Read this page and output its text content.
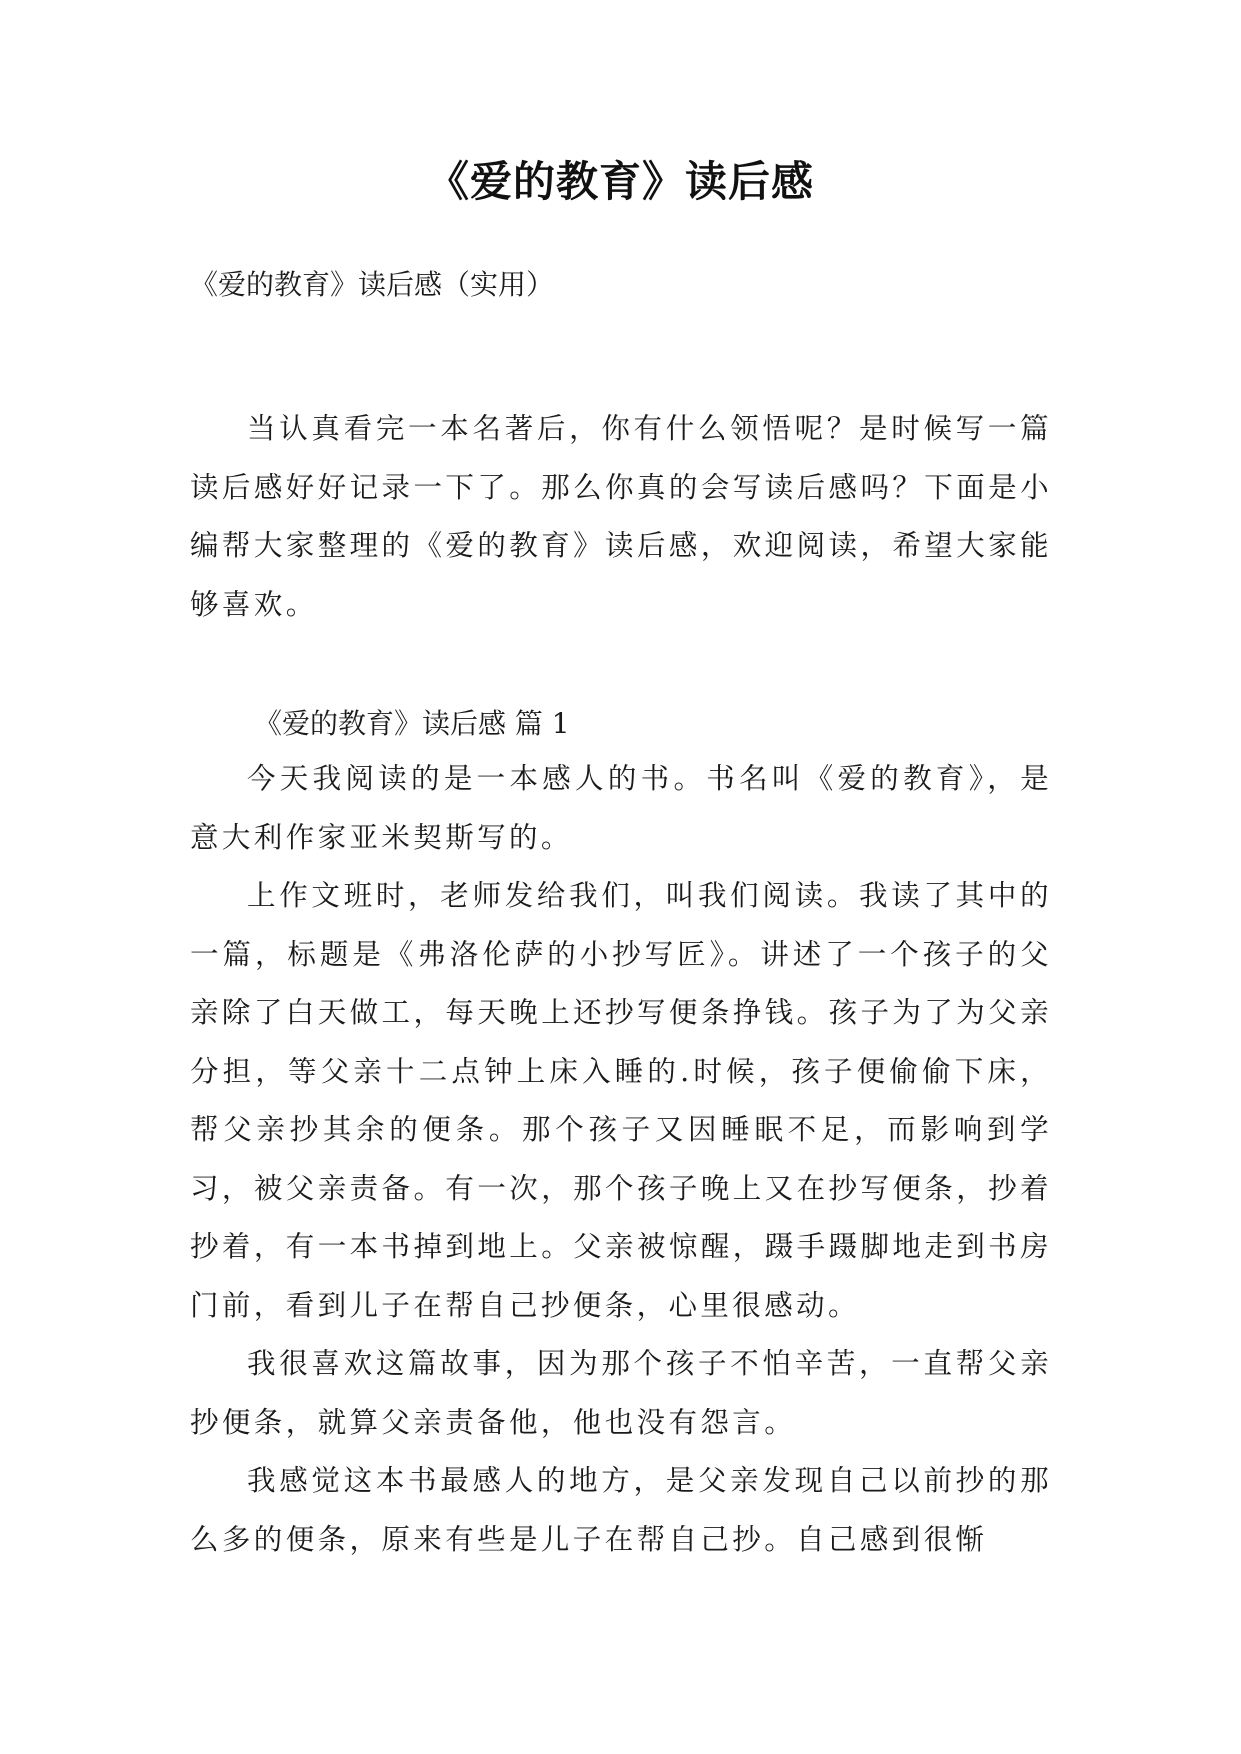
《爱的教育》读后感
《爱的教育》读后感（实用）

当认真看完一本名著后，你有什么领悟呢？是时候写一篇读后感好好记录一下了。那么你真的会写读后感吗？下面是小编帮大家整理的《爱的教育》读后感，欢迎阅读，希望大家能够喜欢。

《爱的教育》读后感 篇 1

今天我阅读的是一本感人的书。书名叫《爱的教育》，是意大利作家亚米契斯写的。

上作文班时，老师发给我们，叫我们阅读。我读了其中的一篇，标题是《弗洛伦萨的小抄写匠》。讲述了一个孩子的父亲除了白天做工，每天晚上还抄写便条挣钱。孩子为了为父亲分担，等父亲十二点钟上床入睡的.时候，孩子便偷偷下床，帮父亲抄其余的便条。那个孩子又因睡眠不足，而影响到学习，被父亲责备。有一次，那个孩子晚上又在抄写便条，抄着抄着，有一本书掉到地上。父亲被惊醒，蹑手蹑脚地走到书房门前，看到儿子在帮自己抄便条，心里很感动。

我很喜欢这篇故事，因为那个孩子不怕辛苦，一直帮父亲抄便条，就算父亲责备他，他也没有怨言。

我感觉这本书最感人的地方，是父亲发现自己以前抄的那么多的便条，原来有些是儿子在帮自己抄。自己感到很惭
